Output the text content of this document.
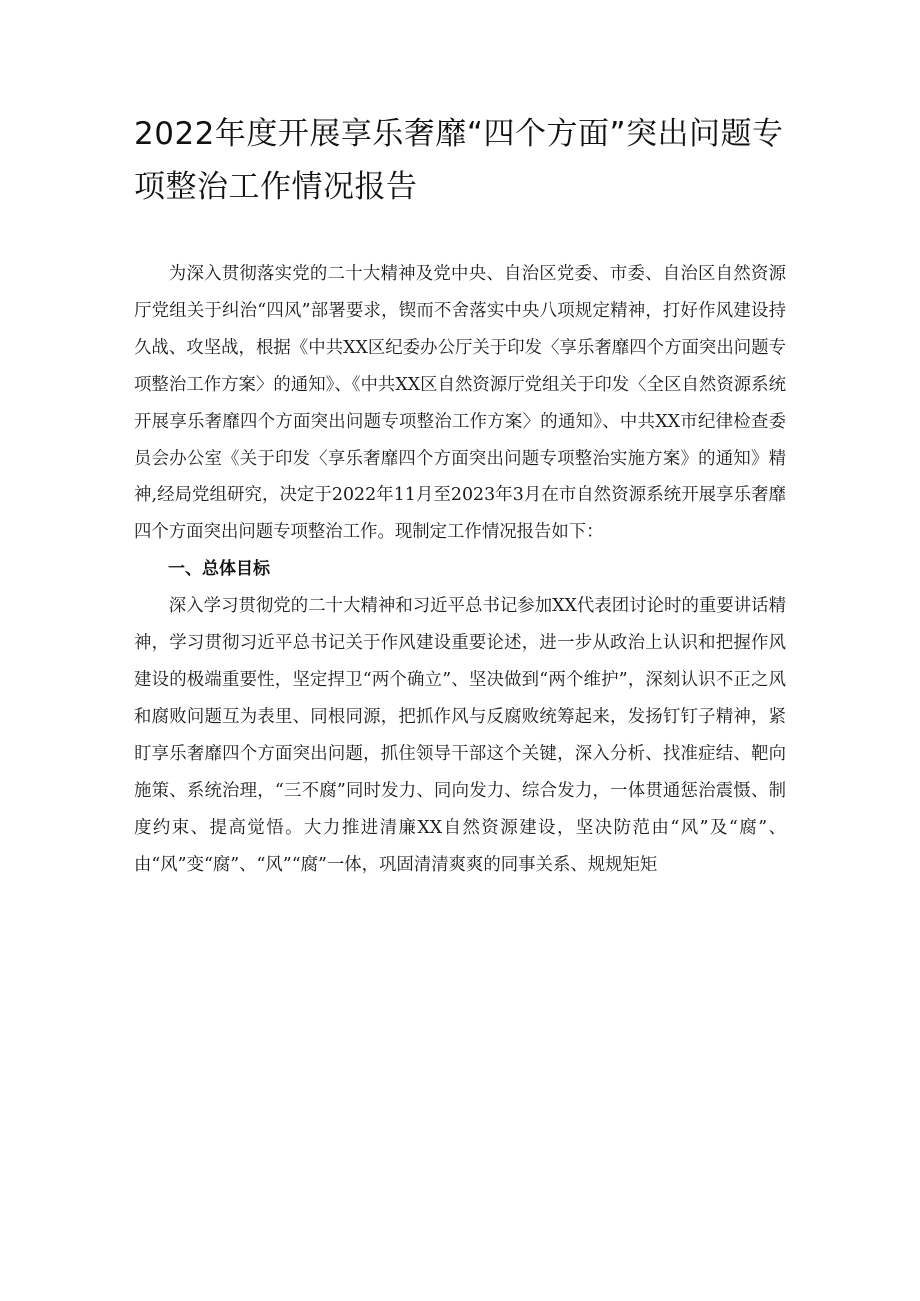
2022年度开展享乐奢靡“四个方面”突出问题专项整治工作情况报告

为深入贯彻落实党的二十大精神及党中央、自治区党委、市委、自治区自然资源厅党组关于纠治“四风”部署要求，锲而不舍落实中央八项规定精神，打好作风建设持久战、攻坚战，根据《中共XX区纪委办公厅关于印发〈享乐奢靡四个方面突出问题专项整治工作方案〉的通知》、《中共XX区自然资源厅党组关于印发〈全区自然资源系统开展享乐奢靡四个方面突出问题专项整治工作方案〉的通知》、中共XX市纪律检查委员会办公室《关于印发〈享乐奢靡四个方面突出问题专项整治实施方案》的通知》精神,经局党组研究，决定于2022年11月至2023年3月在市自然资源系统开展享乐奢靡四个方面突出问题专项整治工作。现制定工作情况报告如下：

一、总体目标

深入学习贯彻党的二十大精神和习近平总书记参加XX代表团讨论时的重要讲话精神，学习贯彻习近平总书记关于作风建设重要论述，进一步从政治上认识和把握作风建设的极端重要性，坚定捍卫“两个确立”、坚决做到“两个维护”，深刻认识不正之风和腐败问题互为表里、同根同源，把抓作风与反腐败统筹起来，发扬钉钉子精神，紧盯享乐奢靡四个方面突出问题，抓住领导干部这个关键，深入分析、找准症结、靶向施策、系统治理，“三不腐”同时发力、同向发力、综合发力，一体贯通惩治震慑、制度约束、提高觉悟。大力推进清廉XX自然资源建设，坚决防范由“风”及“腐”、由“风”变“腐”、“风”“腐”一体，巩固清清爽爽的同事关系、规规矩矩
